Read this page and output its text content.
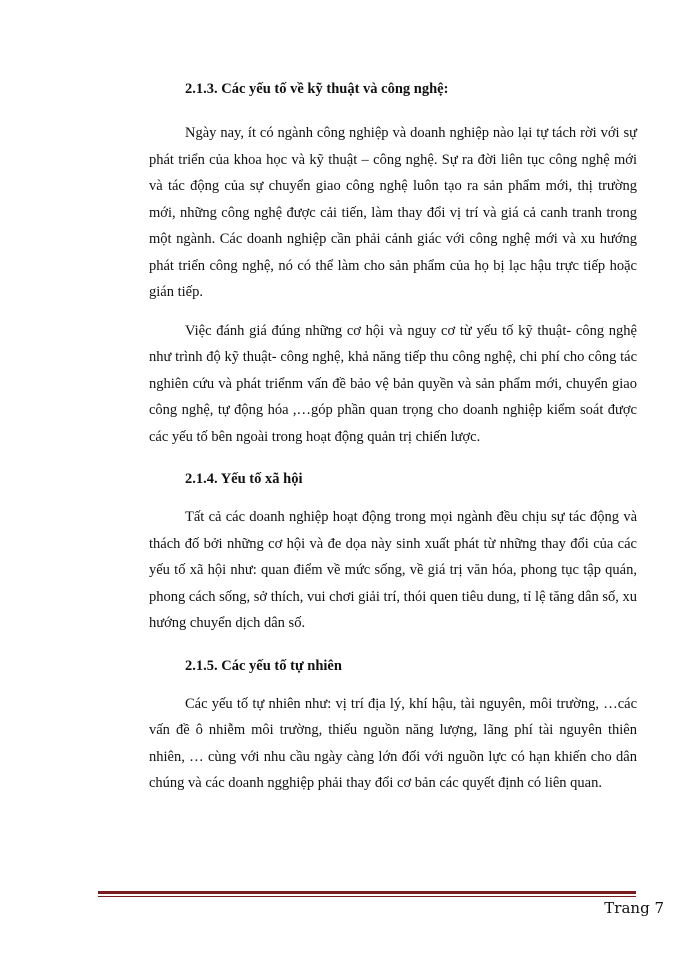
2.1.3. Các yếu tố về kỹ thuật và công nghệ:

Ngày nay, ít có ngành công nghiệp và doanh nghiệp nào lại tự tách rời với sự phát triển của khoa học và kỹ thuật – công nghệ. Sự ra đời liên tục công nghệ mới và tác động của sự chuyển giao công nghệ luôn tạo ra sản phẩm mới, thị trường mới, những công nghệ được cải tiến, làm thay đổi vị trí và giá cả canh tranh trong một ngành. Các doanh nghiệp cần phải cảnh giác với công nghệ mới và xu hướng phát triển công nghệ, nó có thể làm cho sản phẩm của họ bị lạc hậu trực tiếp hoặc gián tiếp.

Việc đánh giá đúng những cơ hội và nguy cơ từ yếu tố kỹ thuật- công nghệ như trình độ kỹ thuật- công nghệ, khả năng tiếp thu công nghệ, chi phí cho công tác nghiên cứu và phát triểnm vấn đề bảo vệ bản quyền và sản phẩm mới, chuyển giao công nghệ, tự động hóa ,…góp phần quan trọng cho doanh nghiệp kiểm soát được các yếu tố bên ngoài trong hoạt động quản trị chiến lược.

2.1.4. Yếu tố xã hội

Tất cả các doanh nghiệp hoạt động trong mọi ngành đều chịu sự tác động và thách đố bởi những cơ hội và đe dọa này sinh xuất phát từ những thay đổi của các yếu tố xã hội như: quan điểm về mức sống, về giá trị văn hóa, phong tục tập quán, phong cách sống, sở thích, vui chơi giải trí, thói quen tiêu dung, tỉ lệ tăng dân số, xu hướng chuyển dịch dân số.

2.1.5. Các yếu tố tự nhiên

Các yếu tố tự nhiên như: vị trí địa lý, khí hậu, tài nguyên, môi trường, …các vấn đề ô nhiễm môi trường, thiếu nguồn năng lượng, lãng phí tài nguyên thiên nhiên, … cùng với nhu cầu ngày càng lớn đối với nguồn lực có hạn khiến cho dân chúng và các doanh ngghiệp phải thay đổi cơ bản các quyết định có liên quan.

Trang 7
